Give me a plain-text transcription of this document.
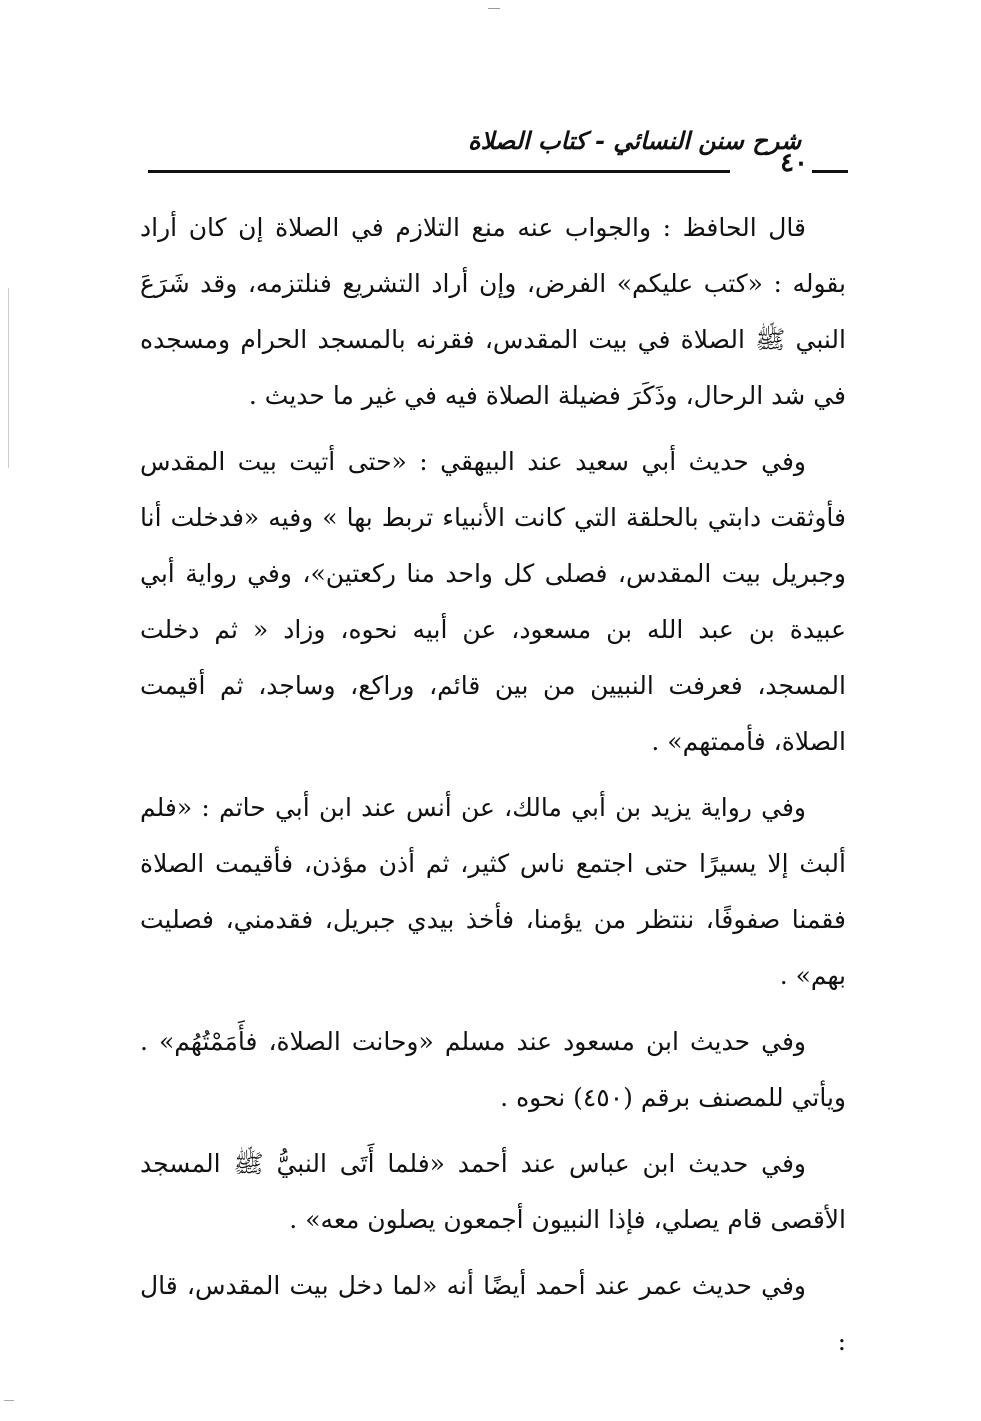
شرح سنن النسائي - كتاب الصلاة
٤٠

قال الحافظ : والجواب عنه منع التلازم في الصلاة إن كان أراد بقوله : «كتب عليكم» الفرض، وإن أراد التشريع فنلتزمه، وقد شَرَعَ النبي ﷺ الصلاة في بيت المقدس، فقرنه بالمسجد الحرام ومسجده في شد الرحال، وذَكَرَ فضيلة الصلاة فيه في غير ما حديث .

وفي حديث أبي سعيد عند البيهقي : «حتى أتيت بيت المقدس فأوثقت دابتي بالحلقة التي كانت الأنبياء تربط بها » وفيه «فدخلت أنا وجبريل بيت المقدس، فصلى كل واحد منا ركعتين»، وفي رواية أبي عبيدة بن عبد الله بن مسعود، عن أبيه نحوه، وزاد « ثم دخلت المسجد، فعرفت النبيين من بين قائم، وراكع، وساجد، ثم أقيمت الصلاة، فأممتهم» .

وفي رواية يزيد بن أبي مالك، عن أنس عند ابن أبي حاتم : «فلم ألبث إلا يسيرًا حتى اجتمع ناس كثير، ثم أذن مؤذن، فأقيمت الصلاة فقمنا صفوفًا، ننتظر من يؤمنا، فأخذ بيدي جبريل، فقدمني، فصليت بهم» .

وفي حديث ابن مسعود عند مسلم «وحانت الصلاة، فأَمَمْتُهُم» . ويأتي للمصنف برقم (٤٥٠) نحوه .

وفي حديث ابن عباس عند أحمد «فلما أَتَى النبيُّ ﷺ المسجد الأقصى قام يصلي، فإذا النبيون أجمعون يصلون معه» .

وفي حديث عمر عند أحمد أيضًا أنه «لما دخل بيت المقدس، قال :
